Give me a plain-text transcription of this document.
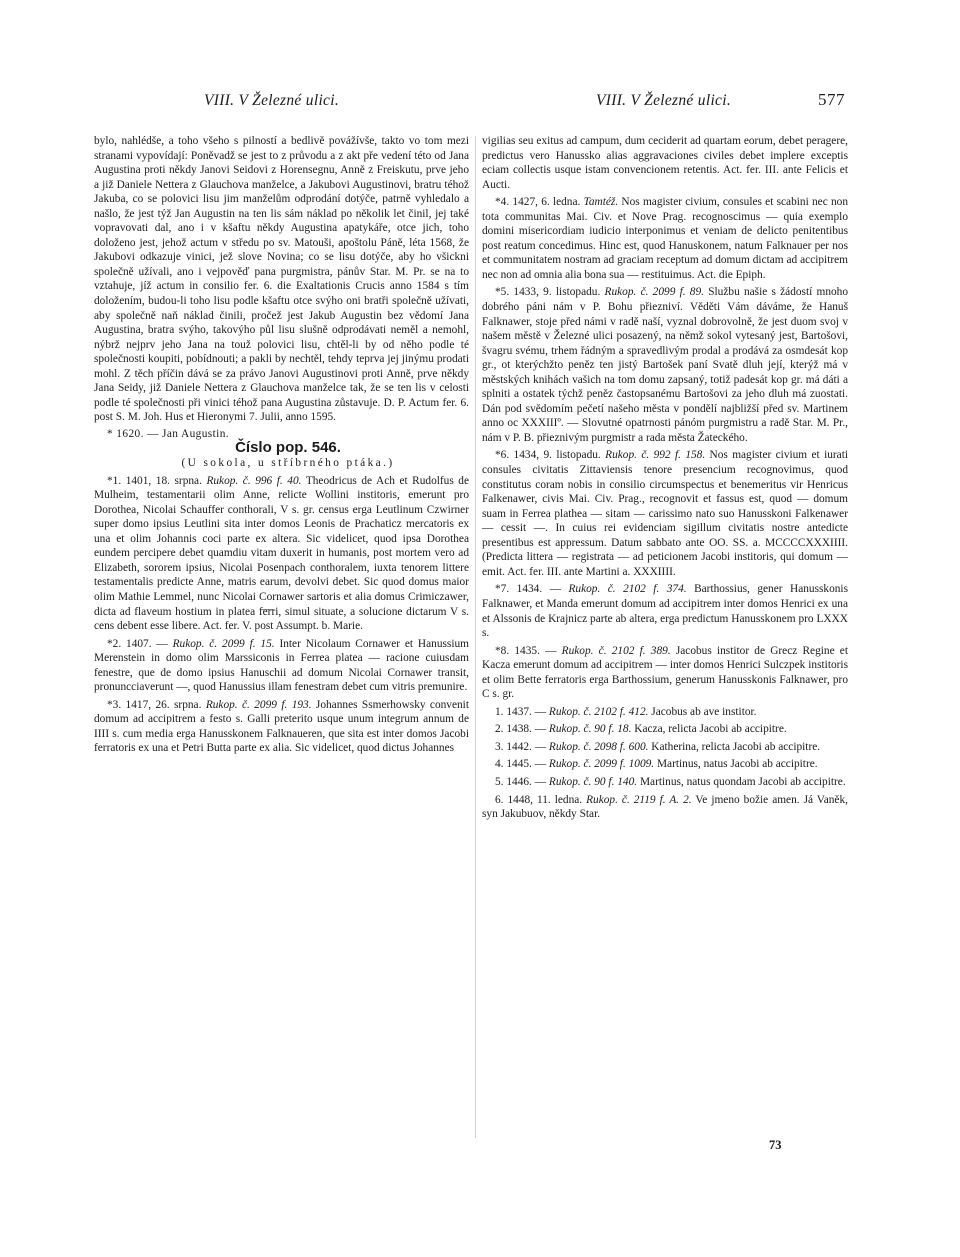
VIII. V Železné ulici.	VIII. V Železné ulici.	577

bylo, nahlédše, a toho všeho s pilností a bedlivě povážívše, takto vo tom mezi stranami vypovídají: Poněvadž se jest to z průvodu a z akt pře vedení této od Jana Augustina proti někdy Janovi Seidovi z Horensegnu, Anně z Freiskutu, prve jeho a již Daniele Nettera z Glauchova manželce, a Jakubovi Augustinovi, bratru téhož Jakuba, co se polovici lisu jim manželům odprodání dotýče, patrně vyhledalo a našlo, že jest týž Jan Augustin na ten lis sám náklad po několik let činil, jej také vopravovati dal, ano i v kšaftu někdy Augustina apatykáře, otce jich, toho doloženo jest, jehož actum v středu po sv. Matouši, apoštolu Páně, léta 1568, že Jakubovi odkazuje vinici, jež slove Novina; co se lisu dotýče, aby ho všickni společně užívali, ano i vejpověď pana purgmistra, pánův Star. M. Pr. se na to vztahuje, jíž actum in consilio fer. 6. die Exaltationis Crucis anno 1584 s tím doložením, budou-li toho lisu podle kšaftu otce svýho oni bratři společně užívati, aby společně naň náklad činili, pročež jest Jakub Augustin bez vědomí Jana Augustina, bratra svýho, takovýho půl lisu slušně odprodávati neměl a nemohl, nýbrž nejprv jeho Jana na touž polovici lisu, chtěl-li by od něho podle té společnosti koupiti, pobídnouti; a pakli by nechtěl, tehdy teprva jej jinýmu prodati mohl. Z těch příčin dává se za právo Janovi Augustinovi proti Anně, prve někdy Jana Seidy, již Daniele Nettera z Glauchova manželce tak, že se ten lis v celosti podle té společnosti při vinici téhož pana Augustina zůstavuje. D. P. Actum fer. 6. post S. M. Joh. Hus et Hieronymi 7. Julii, anno 1595.

* 1620. — Jan Augustin.

Číslo pop. 546.

(U sokola, u stříbrného ptáka.)

*1. 1401, 18. srpna. Rukop. č. 996 f. 40. Theodricus de Ach et Rudolfus de Mulheim, testamentarii olim Anne, relicte Wollini institoris, emerunt pro Dorothea, Nicolai Schauffer conthorali, V s. gr. census erga Leutlinum Czwirner super domo ipsius Leutlini sita inter domos Leonis de Prachaticz mercatoris ex una et olim Johannis coci parte ex altera. Sic videlicet, quod ipsa Dorothea eundem percipere debet quamdiu vitam duxerit in humanis, post mortem vero ad Elizabeth, sororem ipsius, Nicolai Posenpach conthoralem, iuxta tenorem littere testamentalis predicte Anne, matris earum, devolvi debet. Sic quod domus maior olim Mathie Lemmel, nunc Nicolai Cornawer sartoris et alia domus Crimiczawer, dicta ad flaveum hostium in platea ferri, simul situate, a solucione dictarum V s. cens debent esse libere. Act. fer. V. post Assumpt. b. Marie.

*2. 1407. — Rukop. č. 2099 f. 15. Inter Nicolaum Cornawer et Hanussium Merenstein in domo olim Marssiconis in Ferrea platea — racione cuiusdam fenestre, que de domo ipsius Hanuschii ad domum Nicolai Cornawer transit, pronuncciaverunt —, quod Hanussius illam fenestram debet cum vitris premunire.

*3. 1417, 26. srpna. Rukop. č. 2099 f. 193. Johannes Ssmerhowsky convenit domum ad accipitrem a festo s. Galli preterito usque unum integrum annum de IIII s. cum media erga Hanusskonem Falknaueren, que sita est inter domos Jacobi ferratoris ex una et Petri Butta parte ex alia. Sic videlicet, quod dictus Johannes

vigilias seu exitus ad campum, dum ceciderit ad quartam eorum, debet peragere, predictus vero Hanussko alias aggravaciones civiles debet implere exceptis eciam collectis usque istam convencionem retentis. Act. fer. III. ante Felicis et Aucti.

*4. 1427, 6. ledna. Tamtéž. Nos magister civium, consules et scabini nec non tota communitas Mai. Civ. et Nove Prag. recognoscimus — quia exemplo domini misericordiam iudicio interponimus et veniam de delicto penitentibus post reatum concedimus. Hinc est, quod Hanuskonem, natum Falknauer per nos et communitatem nostram ad graciam receptum ad domum dictam ad accipitrem nec non ad omnia alia bona sua — restituimus. Act. die Epiph.

*5. 1433, 9. listopadu. Rukop. č. 2099 f. 89. Službu našie s žádostí mnoho dobrého páni nám v P. Bohu přiezniví. Věděti Vám dáváme, že Hanuš Falknawer, stoje před námi v radě naší, vyznal dobrovolně, že jest duom svoj v našem městě v Železné ulici posazený, na němž sokol vytesaný jest, Bartošovi, švagru svému, trhem řádným a spravedlivým prodal a prodává za osmdesát kop gr., ot kterýchžto peněz ten jistý Bartošek paní Svatě dluh její, kterýž má v městských knihách vašich na tom domu zapsaný, totiž padesát kop gr. má dáti a splniti a ostatek týchž peněz častopsanému Bartošovi za jeho dluh má zuostati. Dán pod svědomím pečetí našeho města v pondělí najbližší před sv. Martinem anno oc XXXIIIº. — Slovutné opatrnosti pánóm purgmistru a radě Star. M. Pr., nám v P. B. přieznivým purgmistr a rada města Žateckého.

*6. 1434, 9. listopadu. Rukop. č. 992 f. 158. Nos magister civium et iurati consules civitatis Zittaviensis tenore presencium recognovimus, quod constitutus coram nobis in consilio circumspectus et benemeritus vir Henricus Falkenawer, civis Mai. Civ. Prag., recognovit et fassus est, quod — domum suam in Ferrea plathea — sitam — carissimo nato suo Hanusskoni Falkenawer — cessit —. In cuius rei evidenciam sigillum civitatis nostre antedicte presentibus est appressum. Datum sabbato ante OO. SS. a. MCCCCXXXIIII. (Predicta littera — registrata — ad peticionem Jacobi institoris, qui domum — emit. Act. fer. III. ante Martini a. XXXIIII.

*7. 1434. — Rukop. č. 2102 f. 374. Barthossius, gener Hanusskonis Falknawer, et Manda emerunt domum ad accipitrem inter domos Henrici ex una et Alssonis de Krajnicz parte ab altera, erga predictum Hanusskonem pro LXXX s.

*8. 1435. — Rukop. č. 2102 f. 389. Jacobus institor de Grecz Regine et Kacza emerunt domum ad accipitrem — inter domos Henrici Sulczpek institoris et olim Bette ferratoris erga Barthossium, generum Hanusskonis Falknawer, pro C s. gr.

1. 1437. — Rukop. č. 2102 f. 412. Jacobus ab ave institor.

2. 1438. — Rukop. č. 90 f. 18. Kacza, relicta Jacobi ab accipitre.

3. 1442. — Rukop. č. 2098 f. 600. Katherina, relicta Jacobi ab accipitre.

4. 1445. — Rukop. č. 2099 f. 1009. Martinus, natus Jacobi ab accipitre.

5. 1446. — Rukop. č. 90 f. 140. Martinus, natus quondam Jacobi ab accipitre.

6. 1448, 11. ledna. Rukop. č. 2119 f. A. 2. Ve jmeno božie amen. Já Vaněk, syn Jakubuov, někdy Star.

73
